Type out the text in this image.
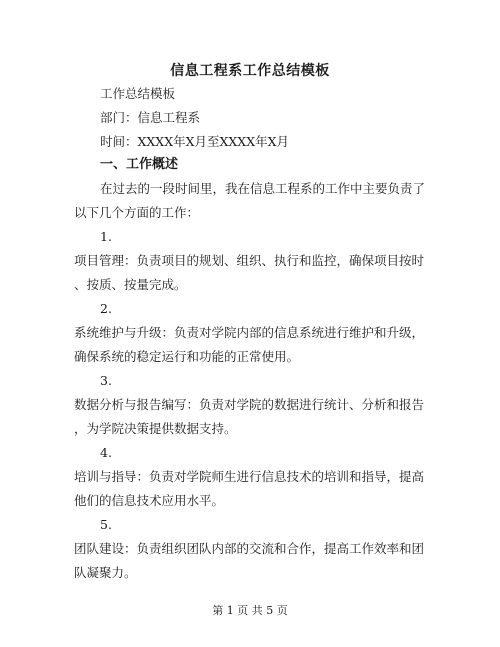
信息工程系工作总结模板
工作总结模板
部门：信息工程系
时间：XXXX年X月至XXXX年X月
一、工作概述
在过去的一段时间里，我在信息工程系的工作中主要负责了
以下几个方面的工作：
1.
项目管理：负责项目的规划、组织、执行和监控，确保项目按时
、按质、按量完成。
2.
系统维护与升级：负责对学院内部的信息系统进行维护和升级，
确保系统的稳定运行和功能的正常使用。
3.
数据分析与报告编写：负责对学院的数据进行统计、分析和报告
，为学院决策提供数据支持。
4.
培训与指导：负责对学院师生进行信息技术的培训和指导，提高
他们的信息技术应用水平。
5.
团队建设：负责组织团队内部的交流和合作，提高工作效率和团
队凝聚力。
第 1 页 共 5 页
